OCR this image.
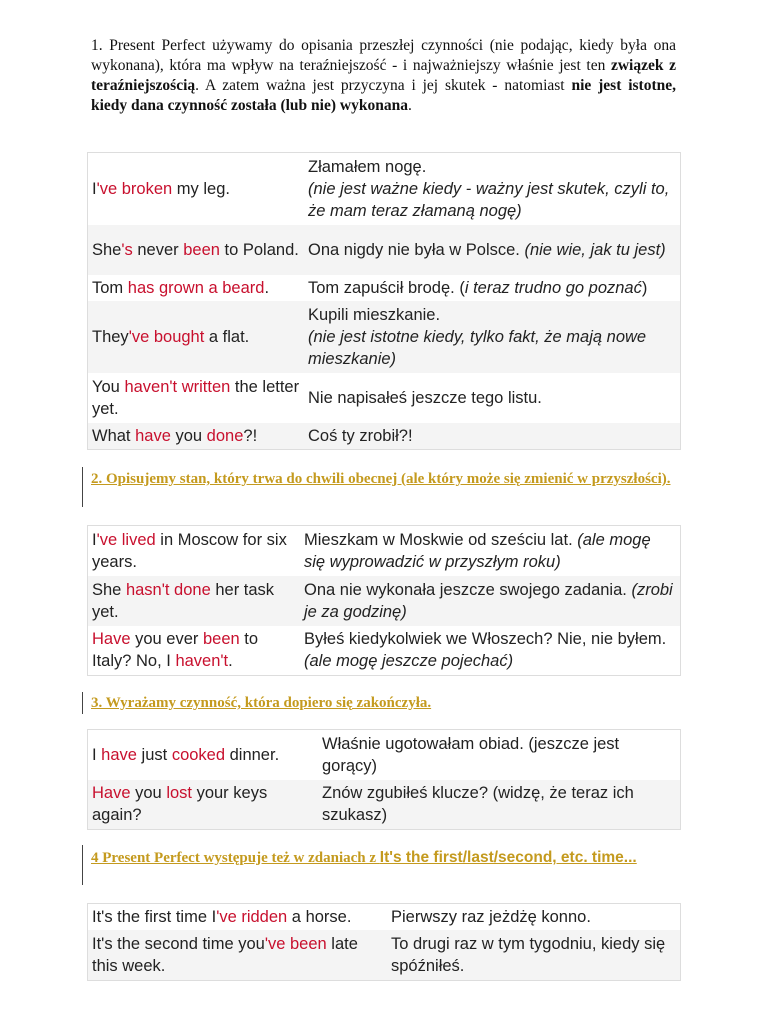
1. Present Perfect używamy do opisania przeszłej czynności (nie podając, kiedy była ona wykonana), która ma wpływ na teraźniejszość - i najważniejszy właśnie jest ten związek z teraźniejszością. A zatem ważna jest przyczyna i jej skutek - natomiast nie jest istotne, kiedy dana czynność została (lub nie) wykonana.
I've broken my leg.	Złamałem nogę.
(nie jest ważne kiedy - ważny jest skutek, czyli to, że mam teraz złamaną nogę)
She's never been to Poland.	Ona nigdy nie była w Polsce. (nie wie, jak tu jest)
Tom has grown a beard.	Tom zapuścił brodę. (i teraz trudno go poznać)
They've bought a flat.	Kupili mieszkanie.
(nie jest istotne kiedy, tylko fakt, że mają nowe mieszkanie)
You haven't written the letter yet.	Nie napisałeś jeszcze tego listu.
What have you done?!	Coś ty zrobił?!
2. Opisujemy stan, który trwa do chwili obecnej (ale który może się zmienić w przyszłości).
I've lived in Moscow for six years.	Mieszkam w Moskwie od sześciu lat. (ale mogę się wyprowadzić w przyszłym roku)
She hasn't done her task yet.	Ona nie wykonała jeszcze swojego zadania. (zrobi je za godzinę)
Have you ever been to Italy? No, I haven't.	Byłeś kiedykolwiek we Włoszech? Nie, nie byłem. (ale mogę jeszcze pojechać)
3. Wyrażamy czynność, która dopiero się zakończyła.
I have just cooked dinner.	Właśnie ugotowałam obiad. (jeszcze jest gorący)
Have you lost your keys again?	Znów zgubiłeś klucze? (widzę, że teraz ich szukasz)
4 Present Perfect występuje też w zdaniach z It's the first/last/second, etc. time...
It's the first time I've ridden a horse.	Pierwszy raz jeżdżę konno.
It's the second time you've been late this week.	To drugi raz w tym tygodniu, kiedy się spóźniłeś.
